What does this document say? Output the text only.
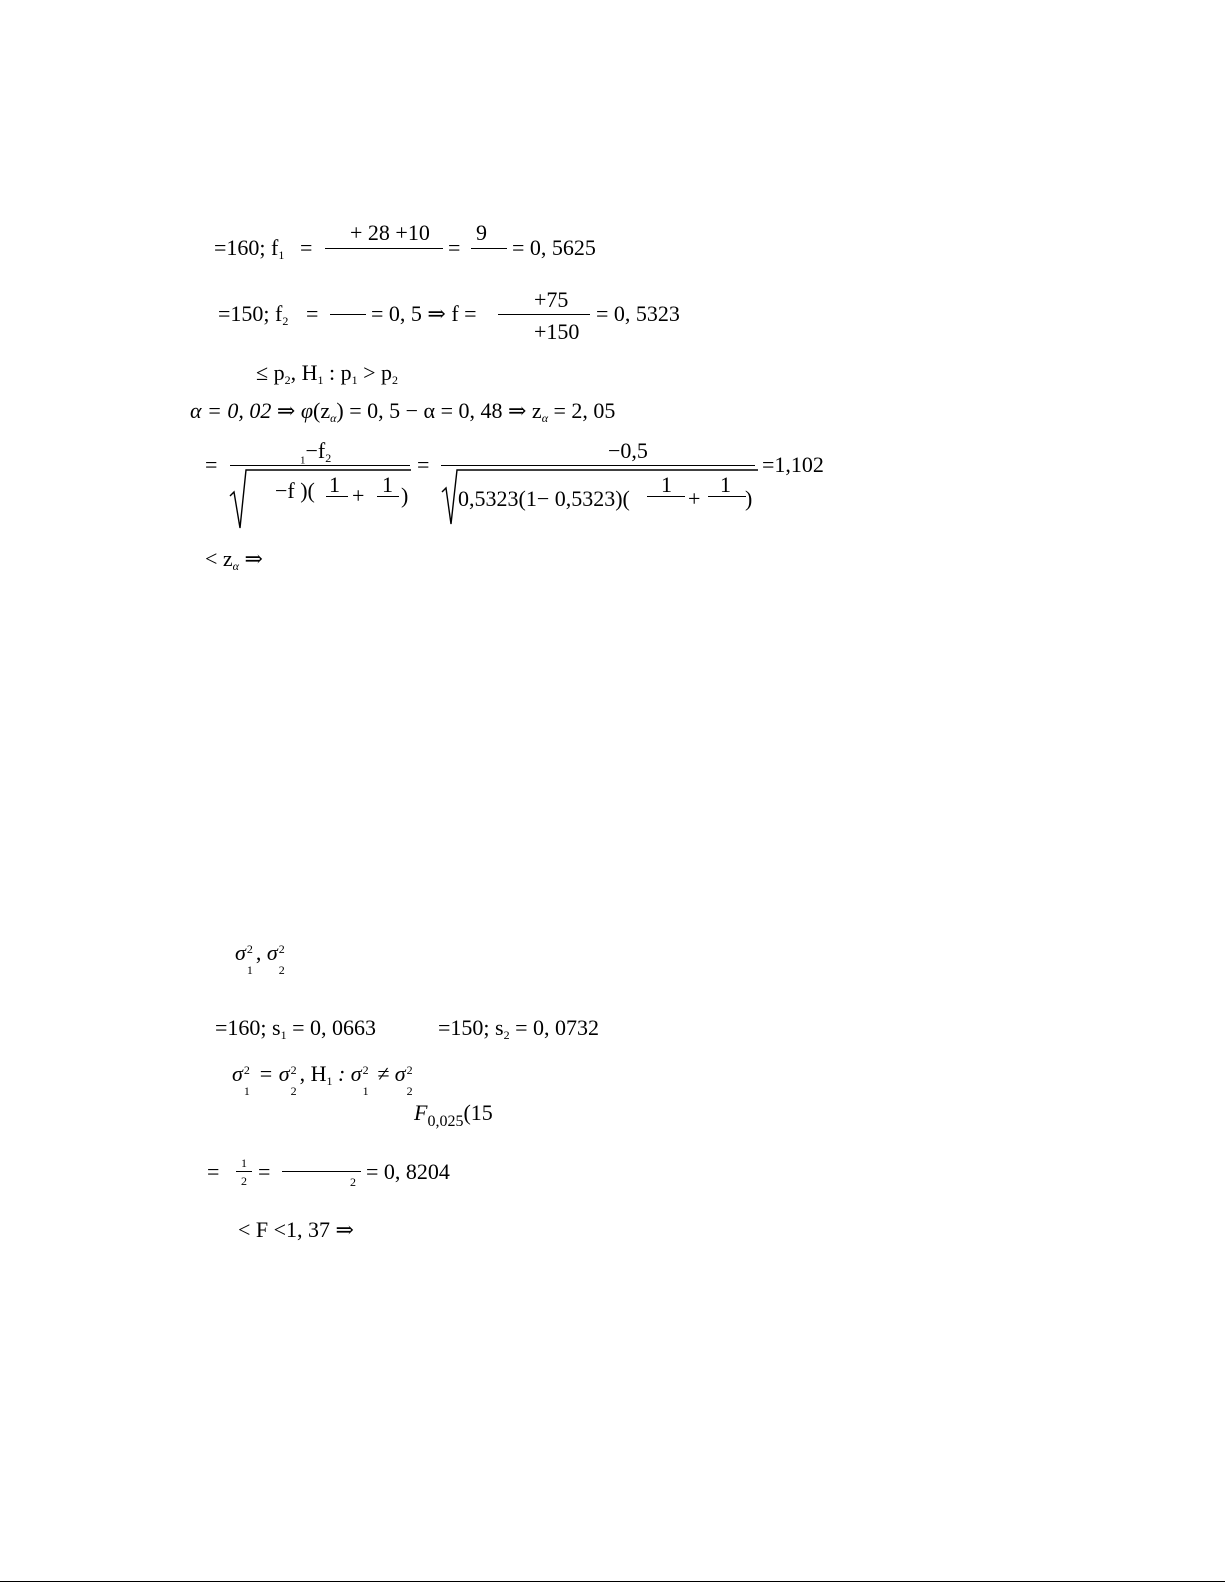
=160; $f_1$ =
+ 28 +10
=
9
= 0, 5625
=150; $f_2$ = = 0, 5 ⇒ f =
+75
+150
= 0, 5323
≤ $p_2$, $H_1$ : $p_1 > p_2$
α = 0, 02 ⇒ $\varphi(z_\alpha) = 0$, 5 − α = 0, 48 ⇒ $z_\alpha = 2$, 05
=	$_1-f_2$
−f )( 1 + 1 )
=
−0,5
0,5323(1− 0,5323)(
1
+
1
)
=1,102
< $z_\alpha$ ⇒
σ 2
1
, σ 2
2
=160; $s_1 = 0$, 0663	=150; $s_2 = 0$, 0732
σ 2
1
= σ 2
2
, $H_1$ : σ 2
1
≠ σ 2
2
$F_{0,025}(15$
= 1
2 =	2 = 0, 8204
< F <1, 37 ⇒
